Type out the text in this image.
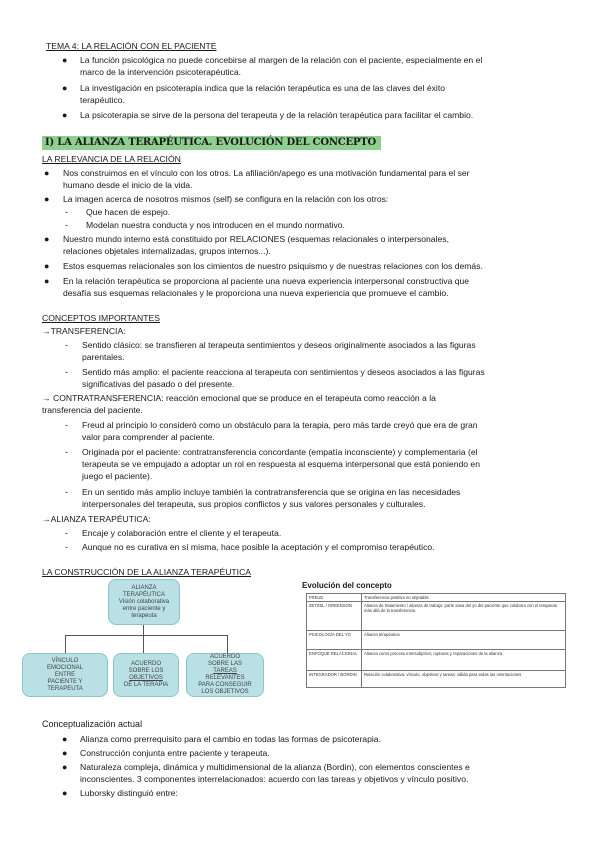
TEMA 4: LA RELACIÓN CON EL PACIENTE
● La función psicológica no puede concebirse al margen de la relación con el paciente, especialmente en el
marco de la intervención psicoterapéutica.
● La investigación en psicoterapia indica que la relación terapéutica es una de las claves del éxito
terapéutico.
● La psicoterapia se sirve de la persona del terapeuta y de la relación terapéutica para facilitar el cambio.
I) LA ALIANZA TERAPÉUTICA. EVOLUCIÓN DEL CONCEPTO
LA RELEVANCIA DE LA RELACIÓN
● Nos construimos en el vínculo con los otros. La afiliación/apego es una motivación fundamental para el ser
humano desde el inicio de la vida.
● La imagen acerca de nosotros mismos (self) se configura en la relación con los otros:
- Que hacen de espejo.
- Modelan nuestra conducta y nos introducen en el mundo normativo.
● Nuestro mundo interno está constituido por RELACIONES (esquemas relacionales o interpersonales,
relaciones objetales internalizadas, grupos internos...).
● Estos esquemas relacionales son los cimientos de nuestro psiquismo y de nuestras relaciones con los demás.
● En la relación terapéutica se proporciona al paciente una nueva experiencia interpersonal constructiva que
desafía sus esquemas relacionales y le proporciona una nueva experiencia que promueve el cambio.
CONCEPTOS IMPORTANTES
→TRANSFERENCIA:
- Sentido clásico: se transfieren al terapeuta sentimientos y deseos originalmente asociados a las figuras
parentales.
- Sentido más amplio: el paciente reacciona al terapeuta con sentimientos y deseos asociados a las figuras
significativas del pasado o del presente.
→ CONTRATRANSFERENCIA: reacción emocional que se produce en el terapeuta como reacción a la
transferencia del paciente.
- Freud al principio lo consideró como un obstáculo para la terapia, pero más tarde creyó que era de gran
valor para comprender al paciente.
- Originada por el paciente: contratransferencia concordante (empatía inconsciente) y complementaria (el
terapeuta se ve empujado a adoptar un rol en respuesta al esquema interpersonal que está poniendo en
juego el paciente).
- En un sentido más amplio incluye también la contratransferencia que se origina en las necesidades
interpersonales del terapeuta, sus propios conflictos y sus valores personales y culturales.
→ALIANZA TERAPÉUTICA:
- Encaje y colaboración entre el cliente y el terapeuta.
- Aunque no es curativa en sí misma, hace posible la aceptación y el compromiso terapéutico.
LA CONSTRUCCIÓN DE LA ALIANZA TERAPÉUTICA
ALIANZA
TERAPÉUTICA
Visión colaborativa
entre paciente y terapeuta
VÍNCULO
EMOCIONAL
ENTRE
PACIENTE Y
TERAPEUTA
ACUERDO
SOBRE LOS
OBJETIVOS
DE LA TERAPIA
ACUERDO
SOBRE LAS
TAREAS
RELEVANTES
PARA CONSEGUIR
LOS OBJETIVOS
Evolución del concepto
FREUD	Transferencia positiva no objetable
ZETZEL / GREENSON	Alianza de tratamiento / alianza de trabajo: parte sana del yo del paciente que colabora con el terapeuta más allá de la transferencia
PSICOLOGÍA DEL YO	Alianza terapéutica
ENFOQUE RELACIONAL	Alianza como proceso intersubjetivo; rupturas y reparaciones de la alianza
INTEGRADOR / BORDIN	Relación colaborativa: vínculo, objetivos y tareas; válida para todas las orientaciones
Conceptualización actual
● Alianza como prerrequisito para el cambio en todas las formas de psicoterapia.
● Construcción conjunta entre paciente y terapeuta.
● Naturaleza compleja, dinámica y multidimensional de la alianza (Bordin), con elementos conscientes e
inconscientes. 3 componentes interrelacionados: acuerdo con las tareas y objetivos y vínculo positivo.
● Luborsky distinguió entre:
